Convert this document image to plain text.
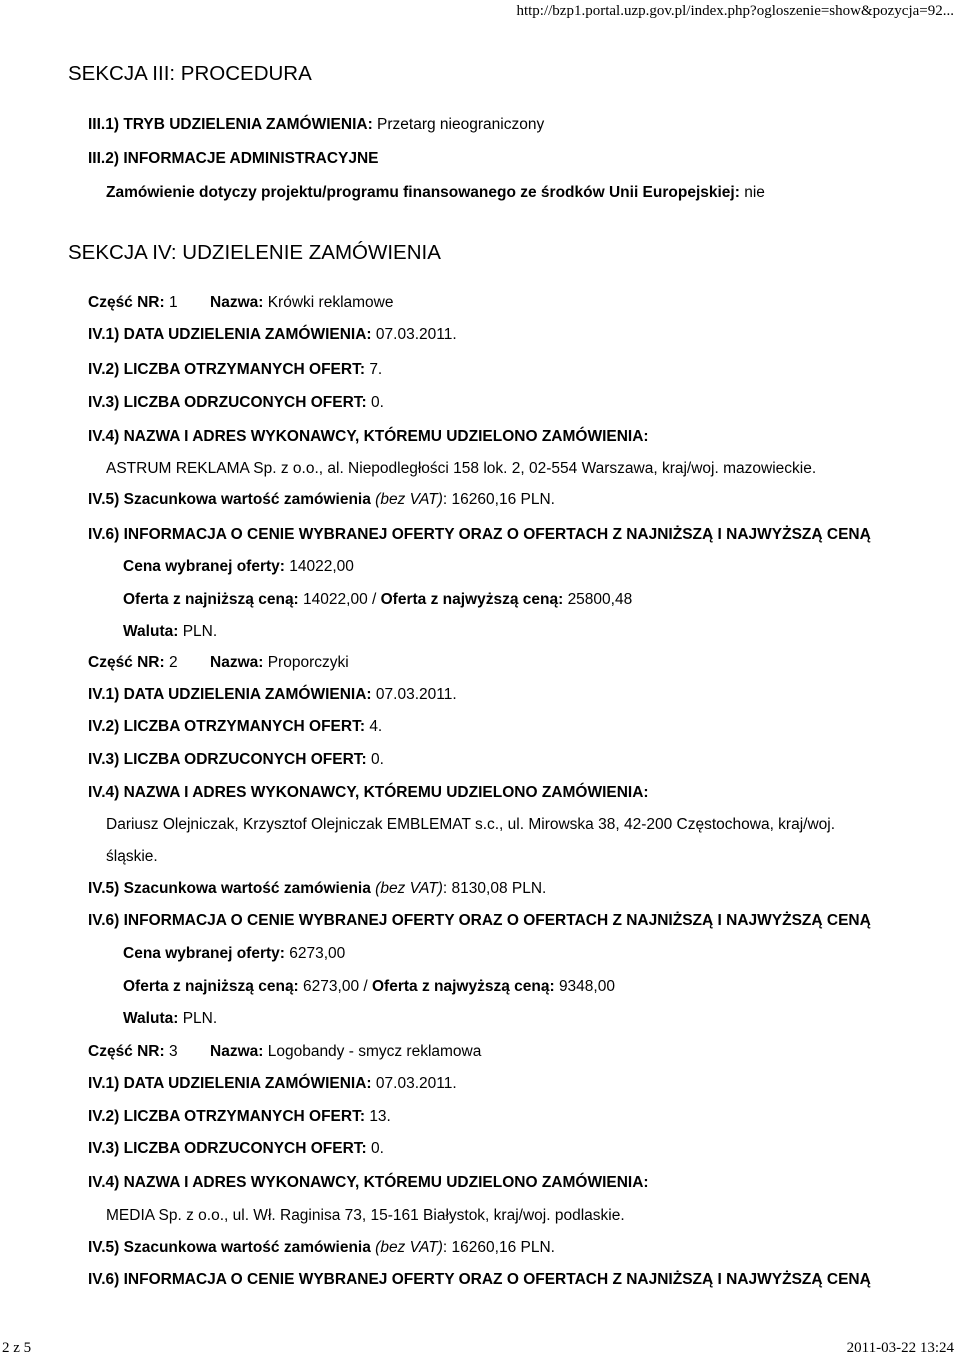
http://bzp1.portal.uzp.gov.pl/index.php?ogloszenie=show&pozycja=92...
SEKCJA III: PROCEDURA
III.1) TRYB UDZIELENIA ZAMÓWIENIA: Przetarg nieograniczony
III.2) INFORMACJE ADMINISTRACYJNE
Zamówienie dotyczy projektu/programu finansowanego ze środków Unii Europejskiej: nie
SEKCJA IV: UDZIELENIE ZAMÓWIENIA
Część NR: 1 Nazwa: Krówki reklamowe
IV.1) DATA UDZIELENIA ZAMÓWIENIA: 07.03.2011.
IV.2) LICZBA OTRZYMANYCH OFERT: 7.
IV.3) LICZBA ODRZUCONYCH OFERT: 0.
IV.4) NAZWA I ADRES WYKONAWCY, KTÓREMU UDZIELONO ZAMÓWIENIA:
ASTRUM REKLAMA Sp. z o.o., al. Niepodległości 158 lok. 2, 02-554 Warszawa, kraj/woj. mazowieckie.
IV.5) Szacunkowa wartość zamówienia (bez VAT): 16260,16 PLN.
IV.6) INFORMACJA O CENIE WYBRANEJ OFERTY ORAZ O OFERTACH Z NAJNIŻSZĄ I NAJWYŻSZĄ CENĄ
Cena wybranej oferty: 14022,00
Oferta z najniższą ceną: 14022,00 / Oferta z najwyższą ceną: 25800,48
Waluta: PLN.
Część NR: 2 Nazwa: Proporczyki
IV.1) DATA UDZIELENIA ZAMÓWIENIA: 07.03.2011.
IV.2) LICZBA OTRZYMANYCH OFERT: 4.
IV.3) LICZBA ODRZUCONYCH OFERT: 0.
IV.4) NAZWA I ADRES WYKONAWCY, KTÓREMU UDZIELONO ZAMÓWIENIA:
Dariusz Olejniczak, Krzysztof Olejniczak EMBLEMAT s.c., ul. Mirowska 38, 42-200 Częstochowa, kraj/woj.
śląskie.
IV.5) Szacunkowa wartość zamówienia (bez VAT): 8130,08 PLN.
IV.6) INFORMACJA O CENIE WYBRANEJ OFERTY ORAZ O OFERTACH Z NAJNIŻSZĄ I NAJWYŻSZĄ CENĄ
Cena wybranej oferty: 6273,00
Oferta z najniższą ceną: 6273,00 / Oferta z najwyższą ceną: 9348,00
Waluta: PLN.
Część NR: 3 Nazwa: Logobandy - smycz reklamowa
IV.1) DATA UDZIELENIA ZAMÓWIENIA: 07.03.2011.
IV.2) LICZBA OTRZYMANYCH OFERT: 13.
IV.3) LICZBA ODRZUCONYCH OFERT: 0.
IV.4) NAZWA I ADRES WYKONAWCY, KTÓREMU UDZIELONO ZAMÓWIENIA:
MEDIA Sp. z o.o., ul. Wł. Raginisa 73, 15-161 Białystok, kraj/woj. podlaskie.
IV.5) Szacunkowa wartość zamówienia (bez VAT): 16260,16 PLN.
IV.6) INFORMACJA O CENIE WYBRANEJ OFERTY ORAZ O OFERTACH Z NAJNIŻSZĄ I NAJWYŻSZĄ CENĄ
2 z 5	2011-03-22 13:24
